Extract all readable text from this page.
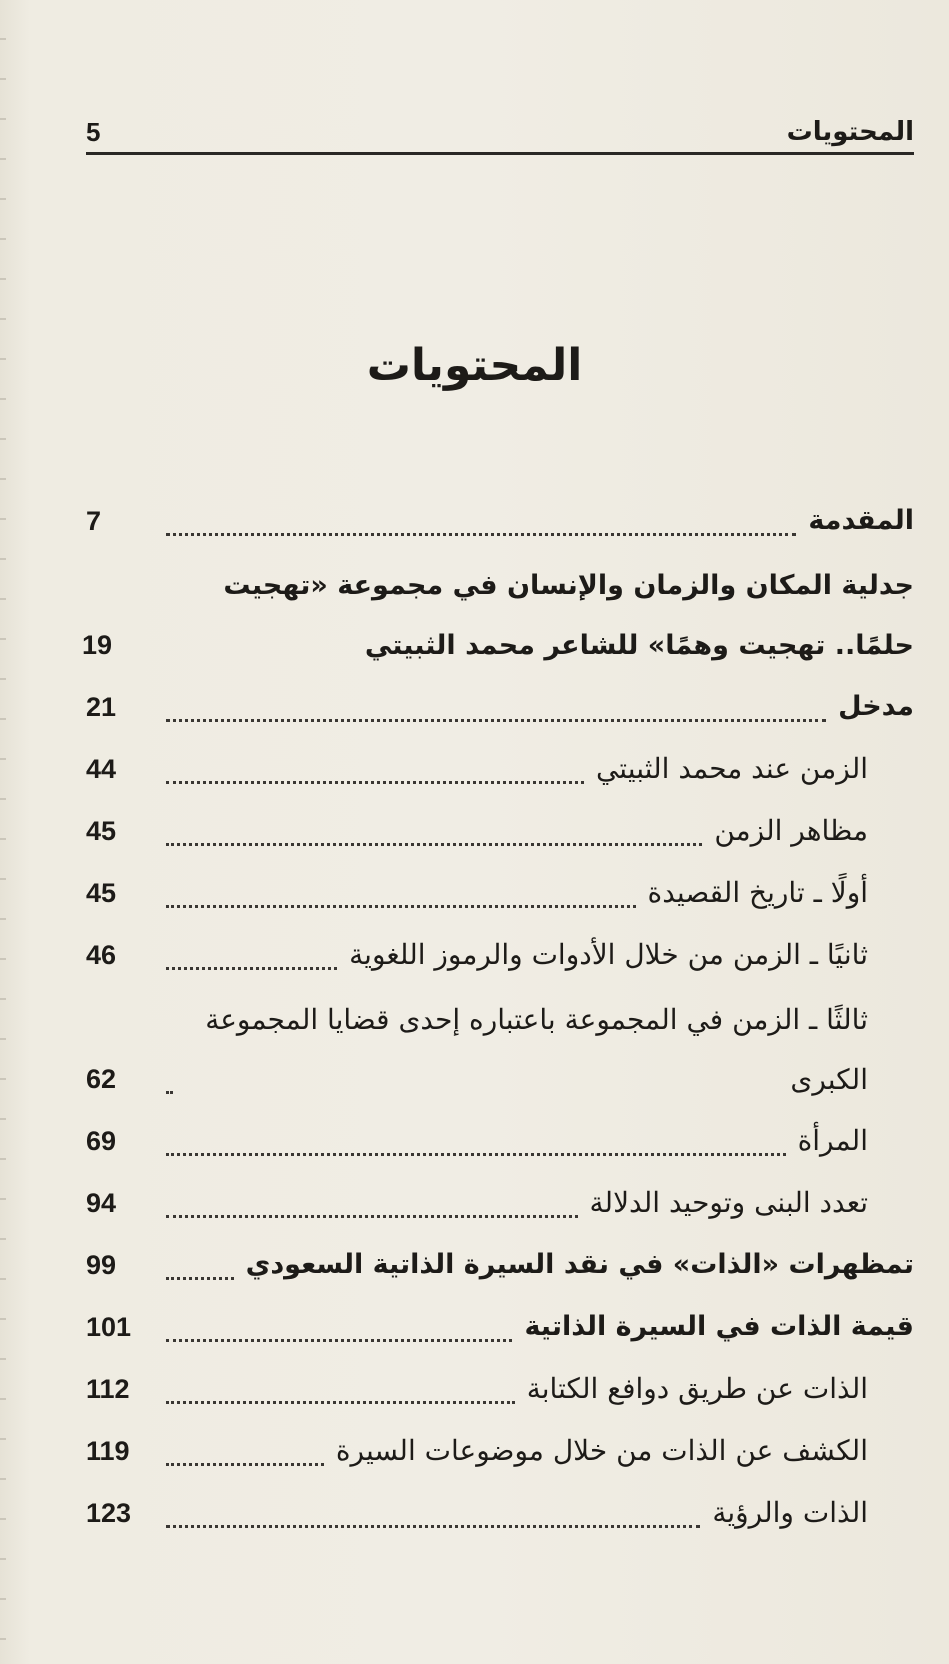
المحتويات
5
المحتويات
المقدمة
7
جدلية المكان والزمان والإنسان في مجموعة «تهجيت حلمًا.. تهجيت وهمًا» للشاعر محمد الثبيتي
19
مدخل
21
الزمن عند محمد الثبيتي
44
مظاهر الزمن
45
أولًا ـ تاريخ القصيدة
45
ثانيًا ـ الزمن من خلال الأدوات والرموز اللغوية
46
ثالثًا ـ الزمن في المجموعة باعتباره إحدى قضايا المجموعة الكبرى
62
المرأة
69
تعدد البنى وتوحيد الدلالة
94
تمظهرات «الذات» في نقد السيرة الذاتية السعودي
99
قيمة الذات في السيرة الذاتية
101
الذات عن طريق دوافع الكتابة
112
الكشف عن الذات من خلال موضوعات السيرة
119
الذات والرؤية
123
